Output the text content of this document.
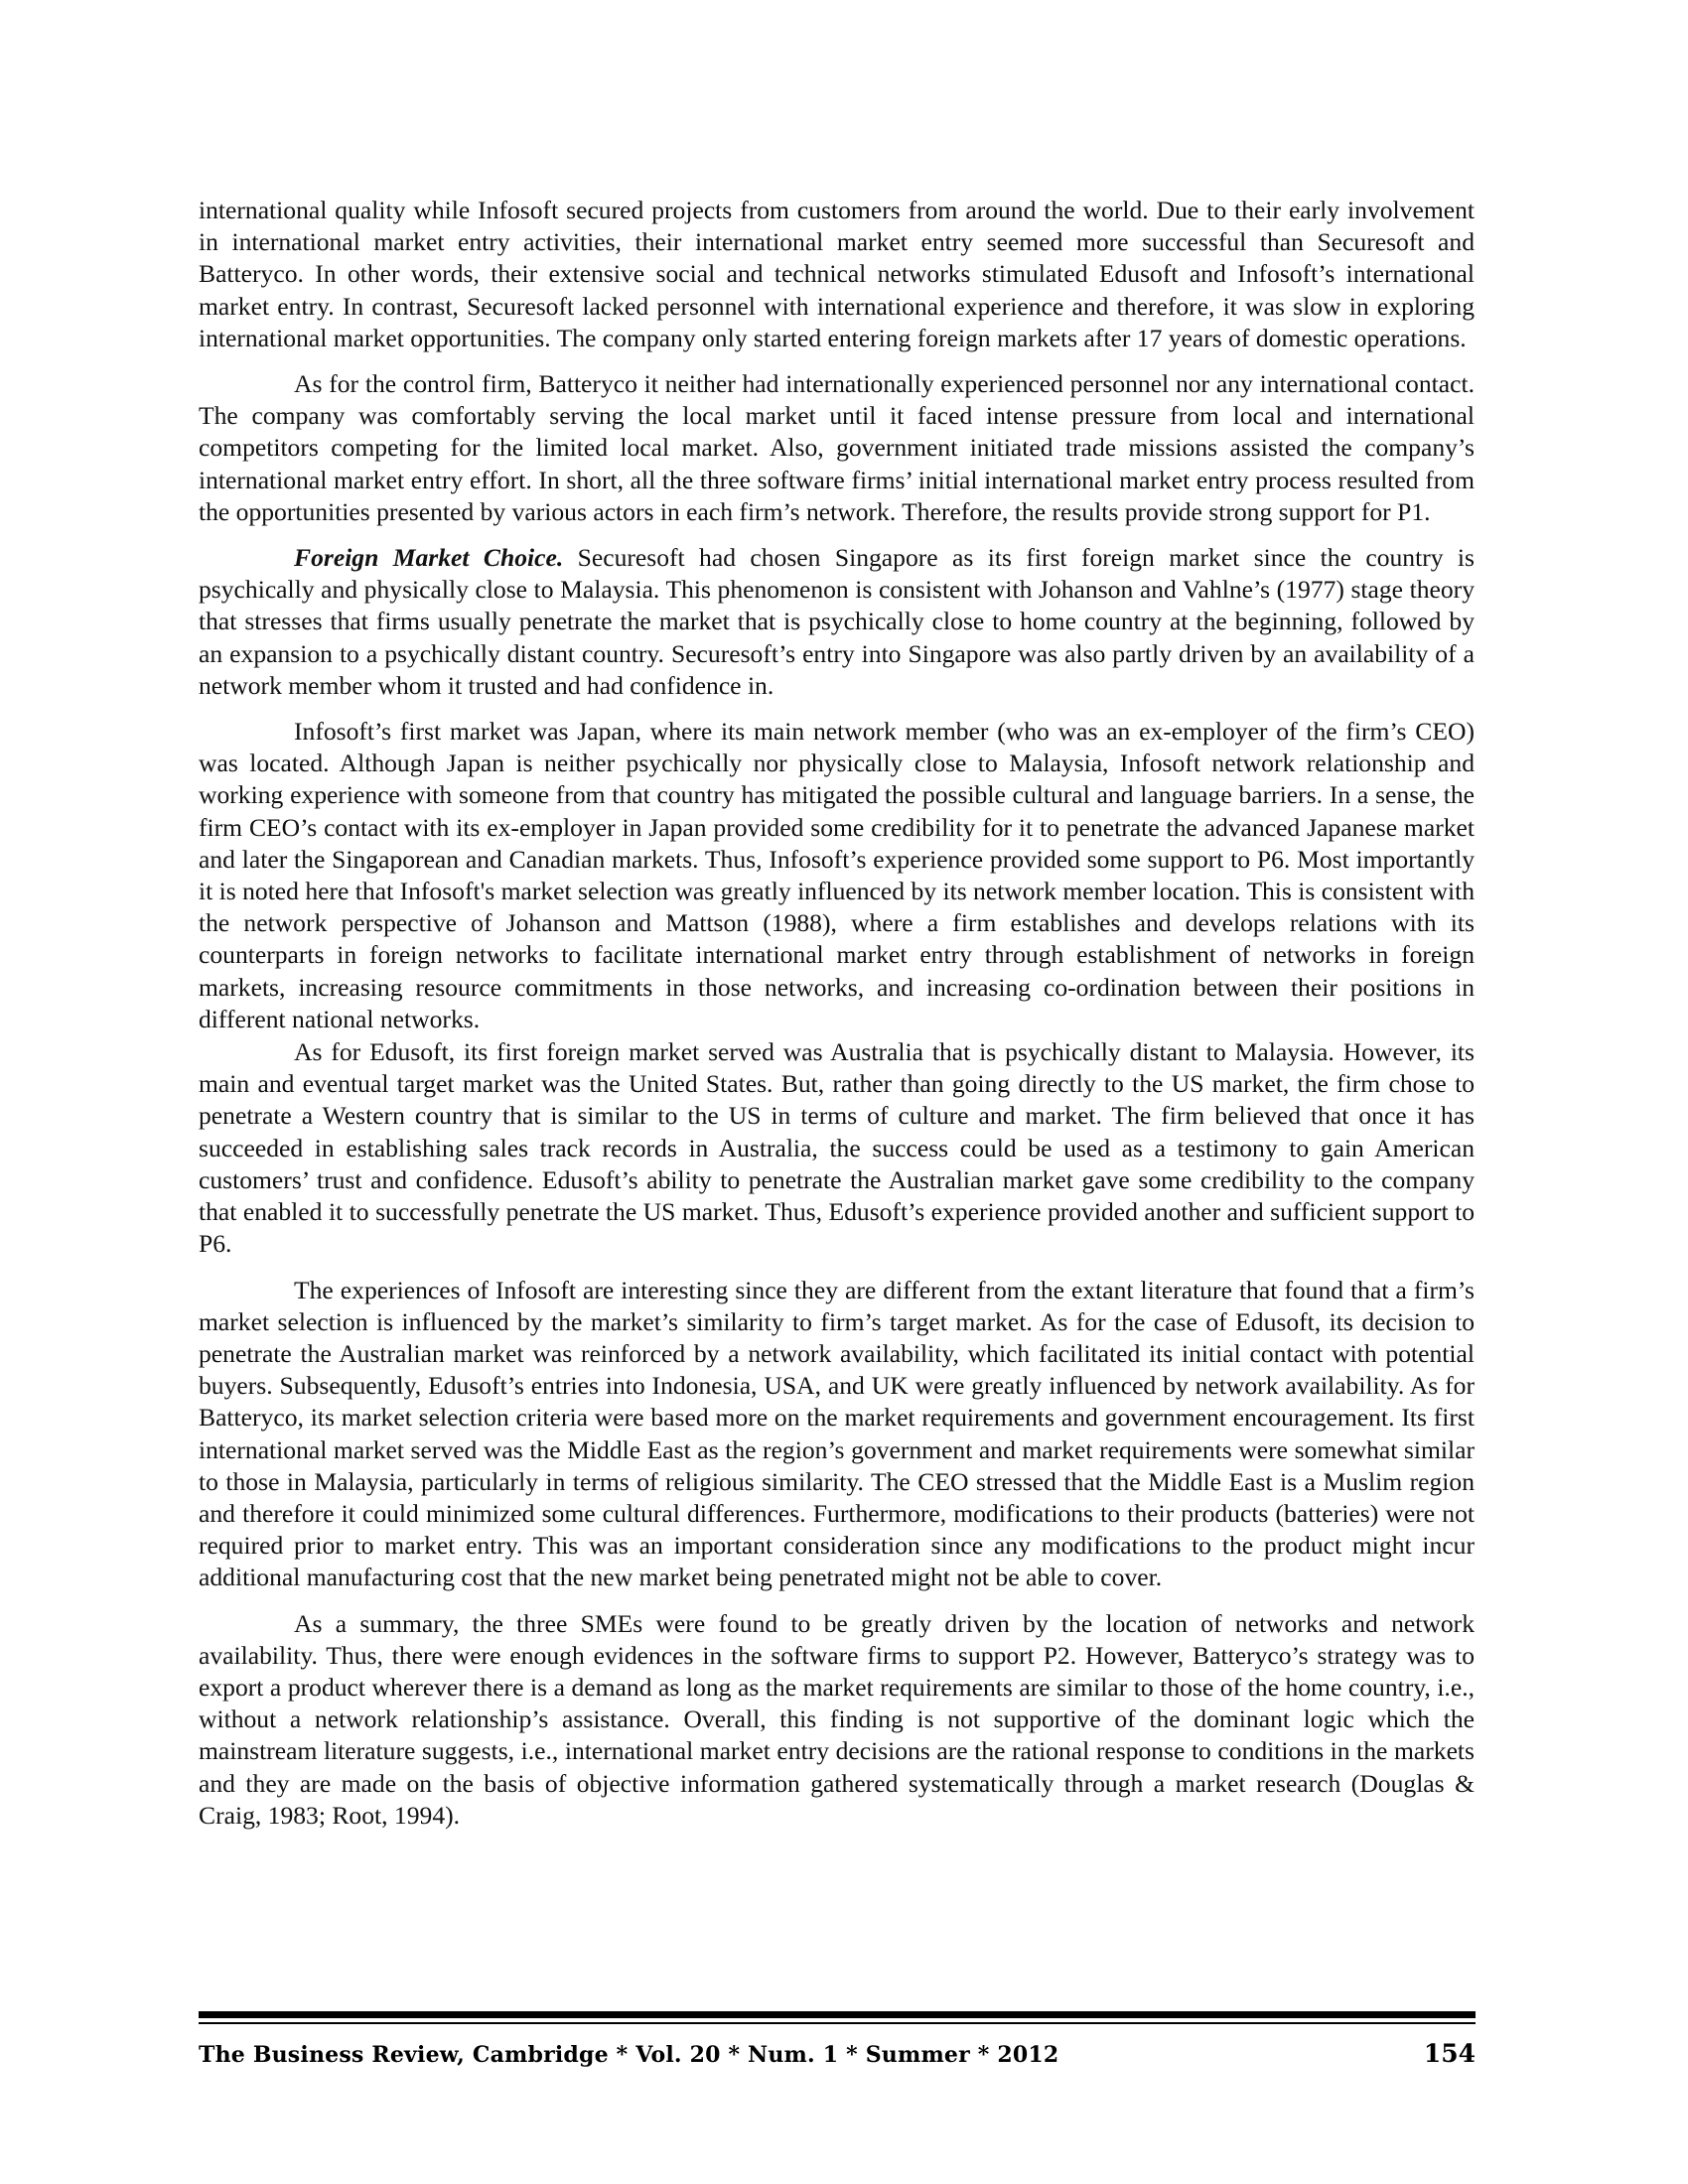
international quality while Infosoft secured projects from customers from around the world. Due to their early involvement in international market entry activities, their international market entry seemed more successful than Securesoft and Batteryco. In other words, their extensive social and technical networks stimulated Edusoft and Infosoft’s international market entry. In contrast, Securesoft lacked personnel with international experience and therefore, it was slow in exploring international market opportunities. The company only started entering foreign markets after 17 years of domestic operations.

As for the control firm, Batteryco it neither had internationally experienced personnel nor any international contact. The company was comfortably serving the local market until it faced intense pressure from local and international competitors competing for the limited local market. Also, government initiated trade missions assisted the company’s international market entry effort. In short, all the three software firms’ initial international market entry process resulted from the opportunities presented by various actors in each firm’s network. Therefore, the results provide strong support for P1.

Foreign Market Choice. Securesoft had chosen Singapore as its first foreign market since the country is psychically and physically close to Malaysia. This phenomenon is consistent with Johanson and Vahlne’s (1977) stage theory that stresses that firms usually penetrate the market that is psychically close to home country at the beginning, followed by an expansion to a psychically distant country. Securesoft’s entry into Singapore was also partly driven by an availability of a network member whom it trusted and had confidence in.

Infosoft’s first market was Japan, where its main network member (who was an ex-employer of the firm’s CEO) was located. Although Japan is neither psychically nor physically close to Malaysia, Infosoft network relationship and working experience with someone from that country has mitigated the possible cultural and language barriers. In a sense, the firm CEO’s contact with its ex-employer in Japan provided some credibility for it to penetrate the advanced Japanese market and later the Singaporean and Canadian markets. Thus, Infosoft’s experience provided some support to P6. Most importantly it is noted here that Infosoft's market selection was greatly influenced by its network member location. This is consistent with the network perspective of Johanson and Mattson (1988), where a firm establishes and develops relations with its counterparts in foreign networks to facilitate international market entry through establishment of networks in foreign markets, increasing resource commitments in those networks, and increasing co-ordination between their positions in different national networks.

As for Edusoft, its first foreign market served was Australia that is psychically distant to Malaysia. However, its main and eventual target market was the United States. But, rather than going directly to the US market, the firm chose to penetrate a Western country that is similar to the US in terms of culture and market. The firm believed that once it has succeeded in establishing sales track records in Australia, the success could be used as a testimony to gain American customers’ trust and confidence. Edusoft’s ability to penetrate the Australian market gave some credibility to the company that enabled it to successfully penetrate the US market. Thus, Edusoft’s experience provided another and sufficient support to P6.

The experiences of Infosoft are interesting since they are different from the extant literature that found that a firm’s market selection is influenced by the market’s similarity to firm’s target market. As for the case of Edusoft, its decision to penetrate the Australian market was reinforced by a network availability, which facilitated its initial contact with potential buyers. Subsequently, Edusoft’s entries into Indonesia, USA, and UK were greatly influenced by network availability. As for Batteryco, its market selection criteria were based more on the market requirements and government encouragement. Its first international market served was the Middle East as the region’s government and market requirements were somewhat similar to those in Malaysia, particularly in terms of religious similarity. The CEO stressed that the Middle East is a Muslim region and therefore it could minimized some cultural differences. Furthermore, modifications to their products (batteries) were not required prior to market entry. This was an important consideration since any modifications to the product might incur additional manufacturing cost that the new market being penetrated might not be able to cover.

As a summary, the three SMEs were found to be greatly driven by the location of networks and network availability. Thus, there were enough evidences in the software firms to support P2. However, Batteryco’s strategy was to export a product wherever there is a demand as long as the market requirements are similar to those of the home country, i.e., without a network relationship’s assistance. Overall, this finding is not supportive of the dominant logic which the mainstream literature suggests, i.e., international market entry decisions are the rational response to conditions in the markets and they are made on the basis of objective information gathered systematically through a market research (Douglas & Craig, 1983; Root, 1994).

The Business Review, Cambridge * Vol. 20 * Num. 1 * Summer * 2012	154
